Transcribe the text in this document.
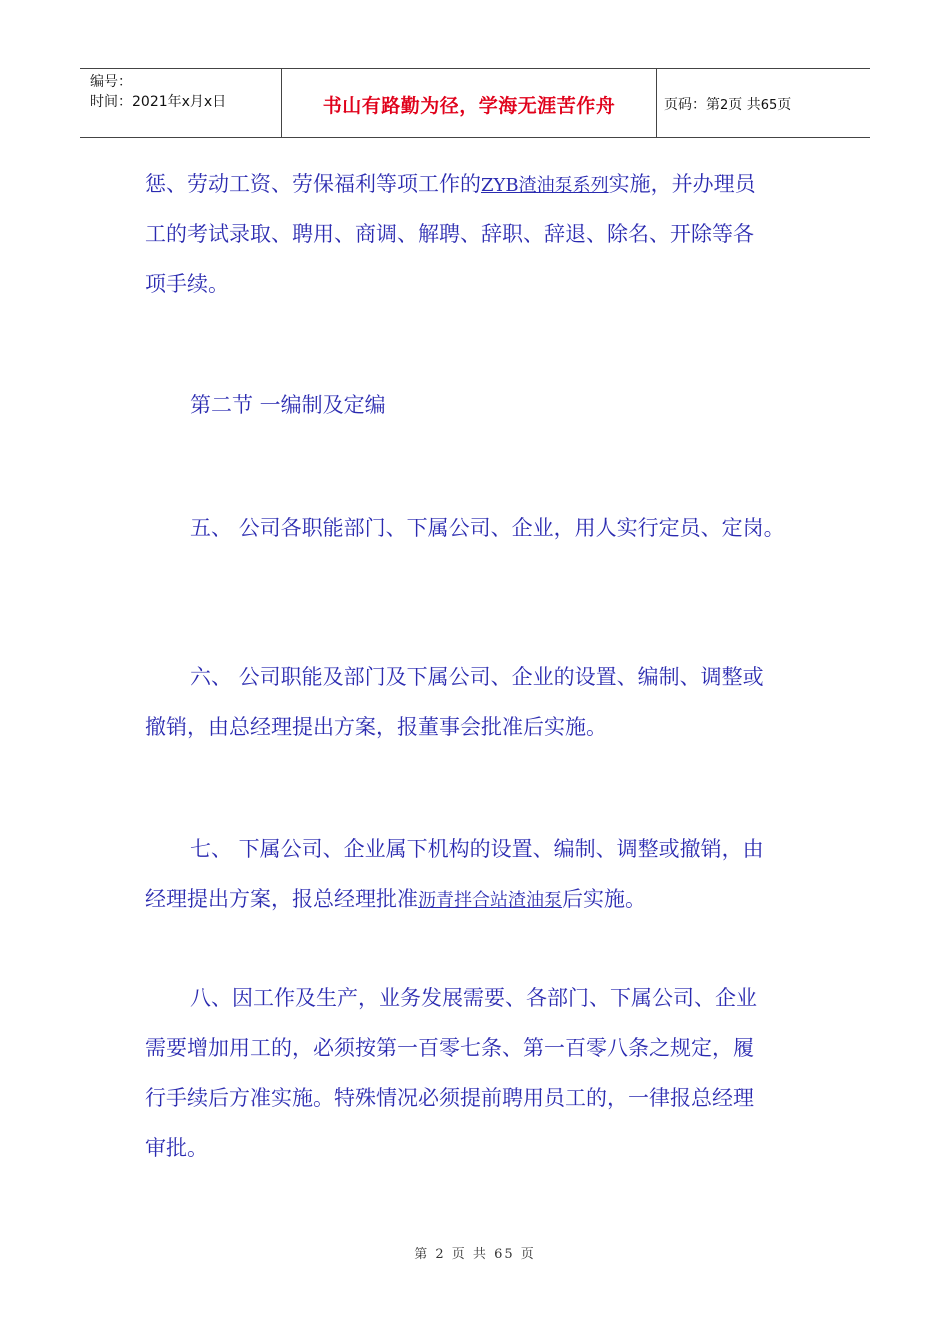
编号：
时间：2021年x月x日	书山有路勤为径，学海无涯苦作舟	页码：第2页 共65页
惩、劳动工资、劳保福利等项工作的ZYB渣油泵系列实施，并办理员
工的考试录取、聘用、商调、解聘、辞职、辞退、除名、开除等各
项手续。
第二节 一编制及定编
五、 公司各职能部门、下属公司、企业，用人实行定员、定岗。
六、 公司职能及部门及下属公司、企业的设置、编制、调整或
撤销，由总经理提出方案，报董事会批准后实施。
七、 下属公司、企业属下机构的设置、编制、调整或撤销，由
经理提出方案，报总经理批准沥青拌合站渣油泵后实施。
八、因工作及生产，业务发展需要、各部门、下属公司、企业
需要增加用工的，必须按第一百零七条、第一百零八条之规定，履
行手续后方准实施。特殊情况必须提前聘用员工的，一律报总经理
审批。
第 2 页 共 65 页
